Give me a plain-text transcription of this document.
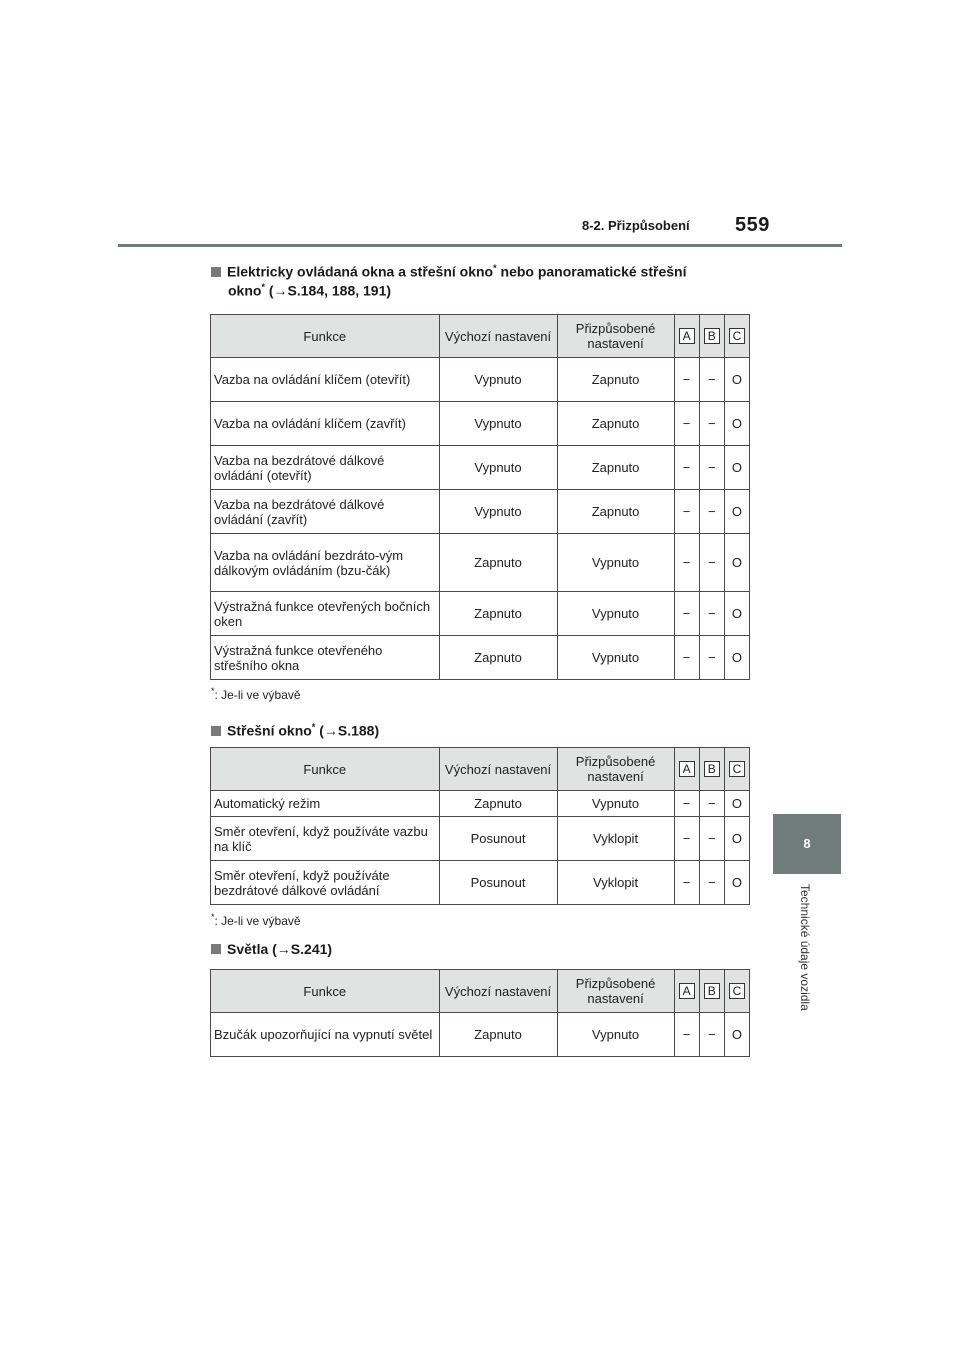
8-2. Přizpůsobení 559
8
Technické údaje vozidla
Elektricky ovládaná okna a střešní okno* nebo panoramatické střešní
okno* (→S.184, 188, 191)
Funkce	Výchozí nastavení	Přizpůsobené nastavení	A	B	C
Vazba na ovládání klíčem (otevřít)	Vypnuto	Zapnuto	−	−	O
Vazba na ovládání klíčem (zavřít)	Vypnuto	Zapnuto	−	−	O
Vazba na bezdrátové dálkové ovládání (otevřít)	Vypnuto	Zapnuto	−	−	O
Vazba na bezdrátové dálkové ovládání (zavřít)	Vypnuto	Zapnuto	−	−	O
Vazba na ovládání bezdráto-vým dálkovým ovládáním (bzu-čák)	Zapnuto	Vypnuto	−	−	O
Výstražná funkce otevřených bočních oken	Zapnuto	Vypnuto	−	−	O
Výstražná funkce otevřeného střešního okna	Zapnuto	Vypnuto	−	−	O
*: Je-li ve výbavě
Střešní okno* (→S.188)
Funkce	Výchozí nastavení	Přizpůsobené nastavení	A	B	C
Automatický režim	Zapnuto	Vypnuto	−	−	O
Směr otevření, když používáte vazbu na klíč	Posunout	Vyklopit	−	−	O
Směr otevření, když používáte bezdrátové dálkové ovládání	Posunout	Vyklopit	−	−	O
*: Je-li ve výbavě
Světla (→S.241)
Funkce	Výchozí nastavení	Přizpůsobené nastavení	A	B	C
Bzučák upozorňující na vypnutí světel	Zapnuto	Vypnuto	−	−	O
